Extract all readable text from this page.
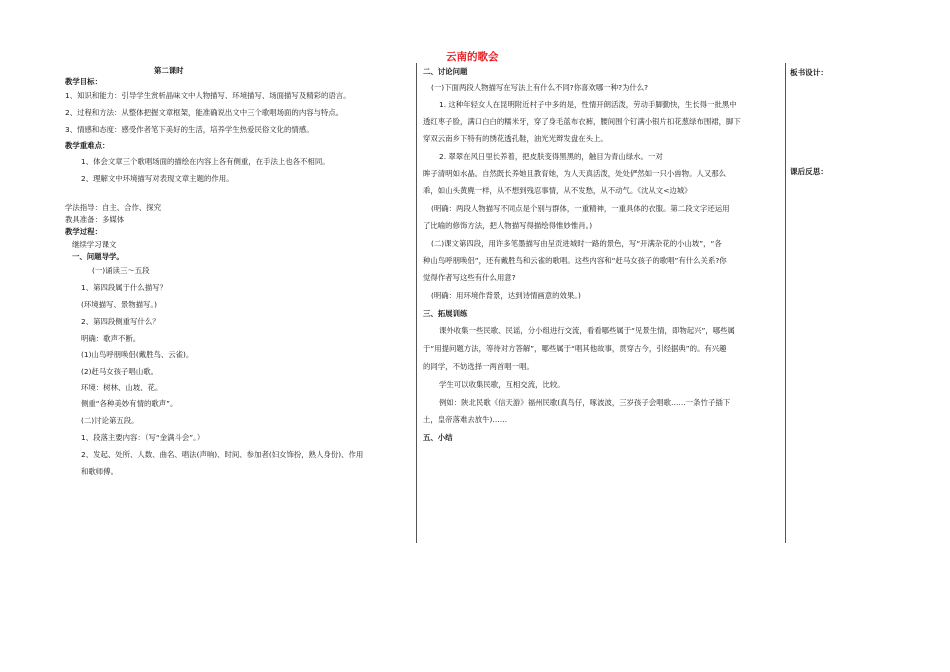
云南的歌会
第二课时
教学目标：
1、知识和能力：引导学生赏析晶味文中人物描写、环境描写、场面描写及精彩的语言。
2、过程和方法：从整体把握文章框架，能准确说出文中三个歌唱场面的内容与特点。
3、情感和态度：感受作者笔下美好的生活，培养学生热爱民俗文化的情感。
教学重难点：
1、体会文章三个歌唱场面的描绘在内容上各有侧重，在手法上也各不相同。
2、理解文中环境描写对表现文章主题的作用。
学法指导：自主、合作、探究
教具准备：多媒体
教学过程：
继续学习课文
一、问题导学。
(一)诵读三～五段
1、第四段属于什么描写？
(环境描写、景物描写。)
2、第四段侧重写什么？
明确：歌声不断。
(1)山鸟呼朋唤侣(戴胜鸟、云雀)。
(2)赶马女孩子唱山歌。
环境：树林、山坡、花。
侧重“各种美妙有情的歌声”。
(二)讨论第五段。
1、段落主要内容：（写“金满斗会”。）
2、发起、处所、人数、曲名、唱法(声响)、时间、参加者(妇女饰扮，熟人身份)、作用
和歌师傅。
二、讨论问题
(一)下面两段人物描写在写法上有什么不同?你喜欢哪一种?为什么?
1. 这种年轻女人在昆明附近村子中多的是，性情开朗活泼，劳动手脚勤快，生长得一批黑中
透红枣子脸，满口白白的糯米牙，穿了身毛蓝布衣裤，腰间围个钉满小银片扣花葱绿布围裙，脚下
穿双云南乡下特有的绣花透孔鞋，油光光辫发盘在头上。
2. 翠翠在风日里长养着，把皮肤变得黑黑的，触目为青山绿水。一对
眸子清明如水晶。自然既长养她且教育她，为人天真活泼，处处俨然如一只小兽物。人又那么
乖，如山头黄麂一样，从不想到残忍事情，从不发愁，从不动气。《沈从文<边城》
(明确：两段人物描写不同点是个别与群体，一重精神，一重具体的衣服。第二段文字还运用
了比喻的修饰方法，把人物描写得描绘得惟妙惟肖。)
(二)课文第四段，用许多笔墨描写由呈贡进城时一路的景色，写“开满杂花的小山坡”，“各
种山鸟呼朋唤侣”，还有戴胜鸟和云雀的歌唱。这些内容和“赶马女孩子的歌唱”有什么关系?你
觉得作者写这些有什么用意?
(明确：用环境作背景，达到诗情画意的效果。)
三、拓展训练
课外收集一些民歌、民谣，分小组进行交流，看看哪些属于“见景生情，即物起兴”，哪些属
于“用提问题方法，等待对方答解”，哪些属于“唱其他故事，贯穿古今，引经据典”的。有兴趣
的同学，不妨选择一两首唱一唱。
学生可以收集民歌，互相交流，比较。
例如：陕北民歌《信天游》福州民歌(真鸟仔，啄波波，三岁孩子会唱歌……一条竹子插下
土，皇帝落难去放牛)……
五、小结
板书设计：
课后反思：
